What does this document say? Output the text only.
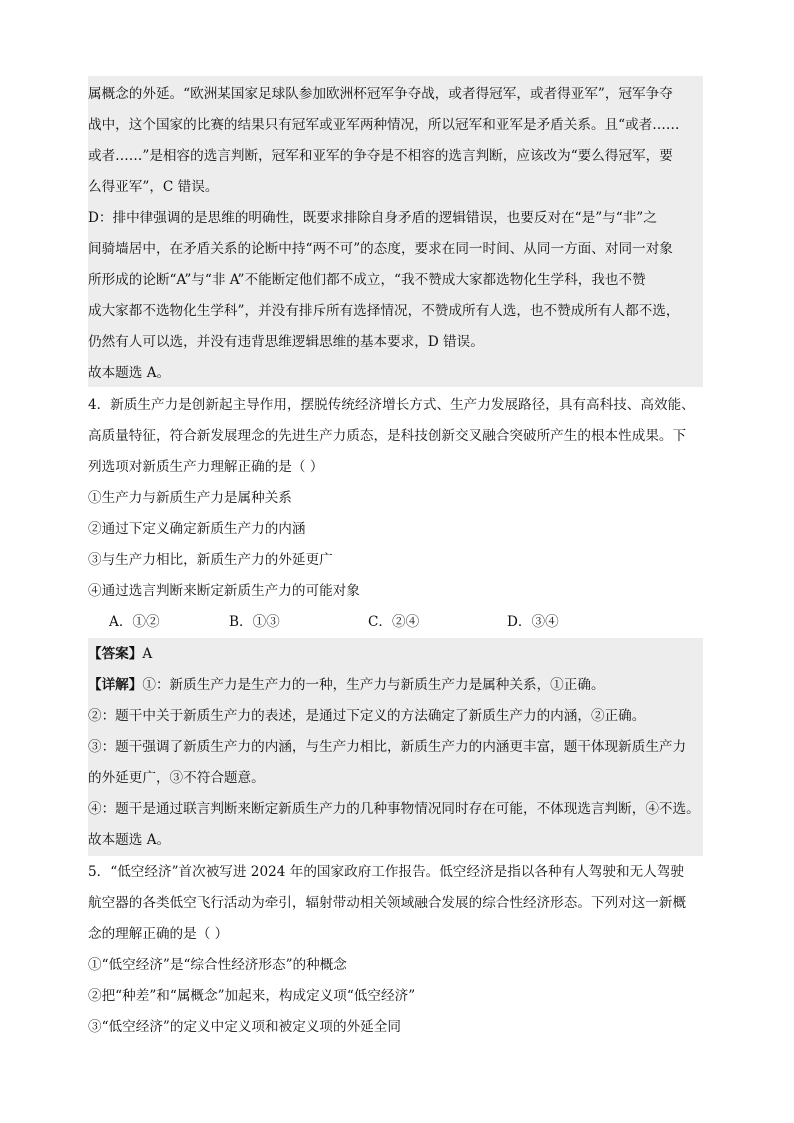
属概念的外延。“欧洲某国家足球队参加欧洲杯冠军争夺战，或者得冠军，或者得亚军”，冠军争夺
战中，这个国家的比赛的结果只有冠军或亚军两种情况，所以冠军和亚军是矛盾关系。且“或者……
或者……”是相容的选言判断，冠军和亚军的争夺是不相容的选言判断，应该改为“要么得冠军，要
么得亚军”，C 错误。
D：排中律强调的是思维的明确性，既要求排除自身矛盾的逻辑错误，也要反对在“是”与“非”之
间骑墙居中，在矛盾关系的论断中持“两不可”的态度，要求在同一时间、从同一方面、对同一对象
所形成的论断“A”与“非 A”不能断定他们都不成立，“我不赞成大家都选物化生学科，我也不赞
成大家都不选物化生学科”，并没有排斥所有选择情况，不赞成所有人选，也不赞成所有人都不选，
仍然有人可以选，并没有违背思维逻辑思维的基本要求，D 错误。
故本题选 A。
4．新质生产力是创新起主导作用，摆脱传统经济增长方式、生产力发展路径，具有高科技、高效能、
高质量特征，符合新发展理念的先进生产力质态，是科技创新交叉融合突破所产生的根本性成果。下
列选项对新质生产力理解正确的是（ ）
①生产力与新质生产力是属种关系
②通过下定义确定新质生产力的内涵
③与生产力相比，新质生产力的外延更广
④通过选言判断来断定新质生产力的可能对象
A．①②	B．①③	C．②④	D．③④
【答案】A
【详解】①：新质生产力是生产力的一种，生产力与新质生产力是属种关系，①正确。
②：题干中关于新质生产力的表述，是通过下定义的方法确定了新质生产力的内涵，②正确。
③：题干强调了新质生产力的内涵，与生产力相比，新质生产力的内涵更丰富，题干体现新质生产力
的外延更广，③不符合题意。
④：题干是通过联言判断来断定新质生产力的几种事物情况同时存在可能，不体现选言判断，④不选。
故本题选 A。
5．“低空经济”首次被写进 2024 年的国家政府工作报告。低空经济是指以各种有人驾驶和无人驾驶
航空器的各类低空飞行活动为牵引，辐射带动相关领域融合发展的综合性经济形态。下列对这一新概
念的理解正确的是（ ）
①“低空经济”是“综合性经济形态”的种概念
②把“种差”和“属概念”加起来，构成定义项“低空经济”
③“低空经济”的定义中定义项和被定义项的外延全同
